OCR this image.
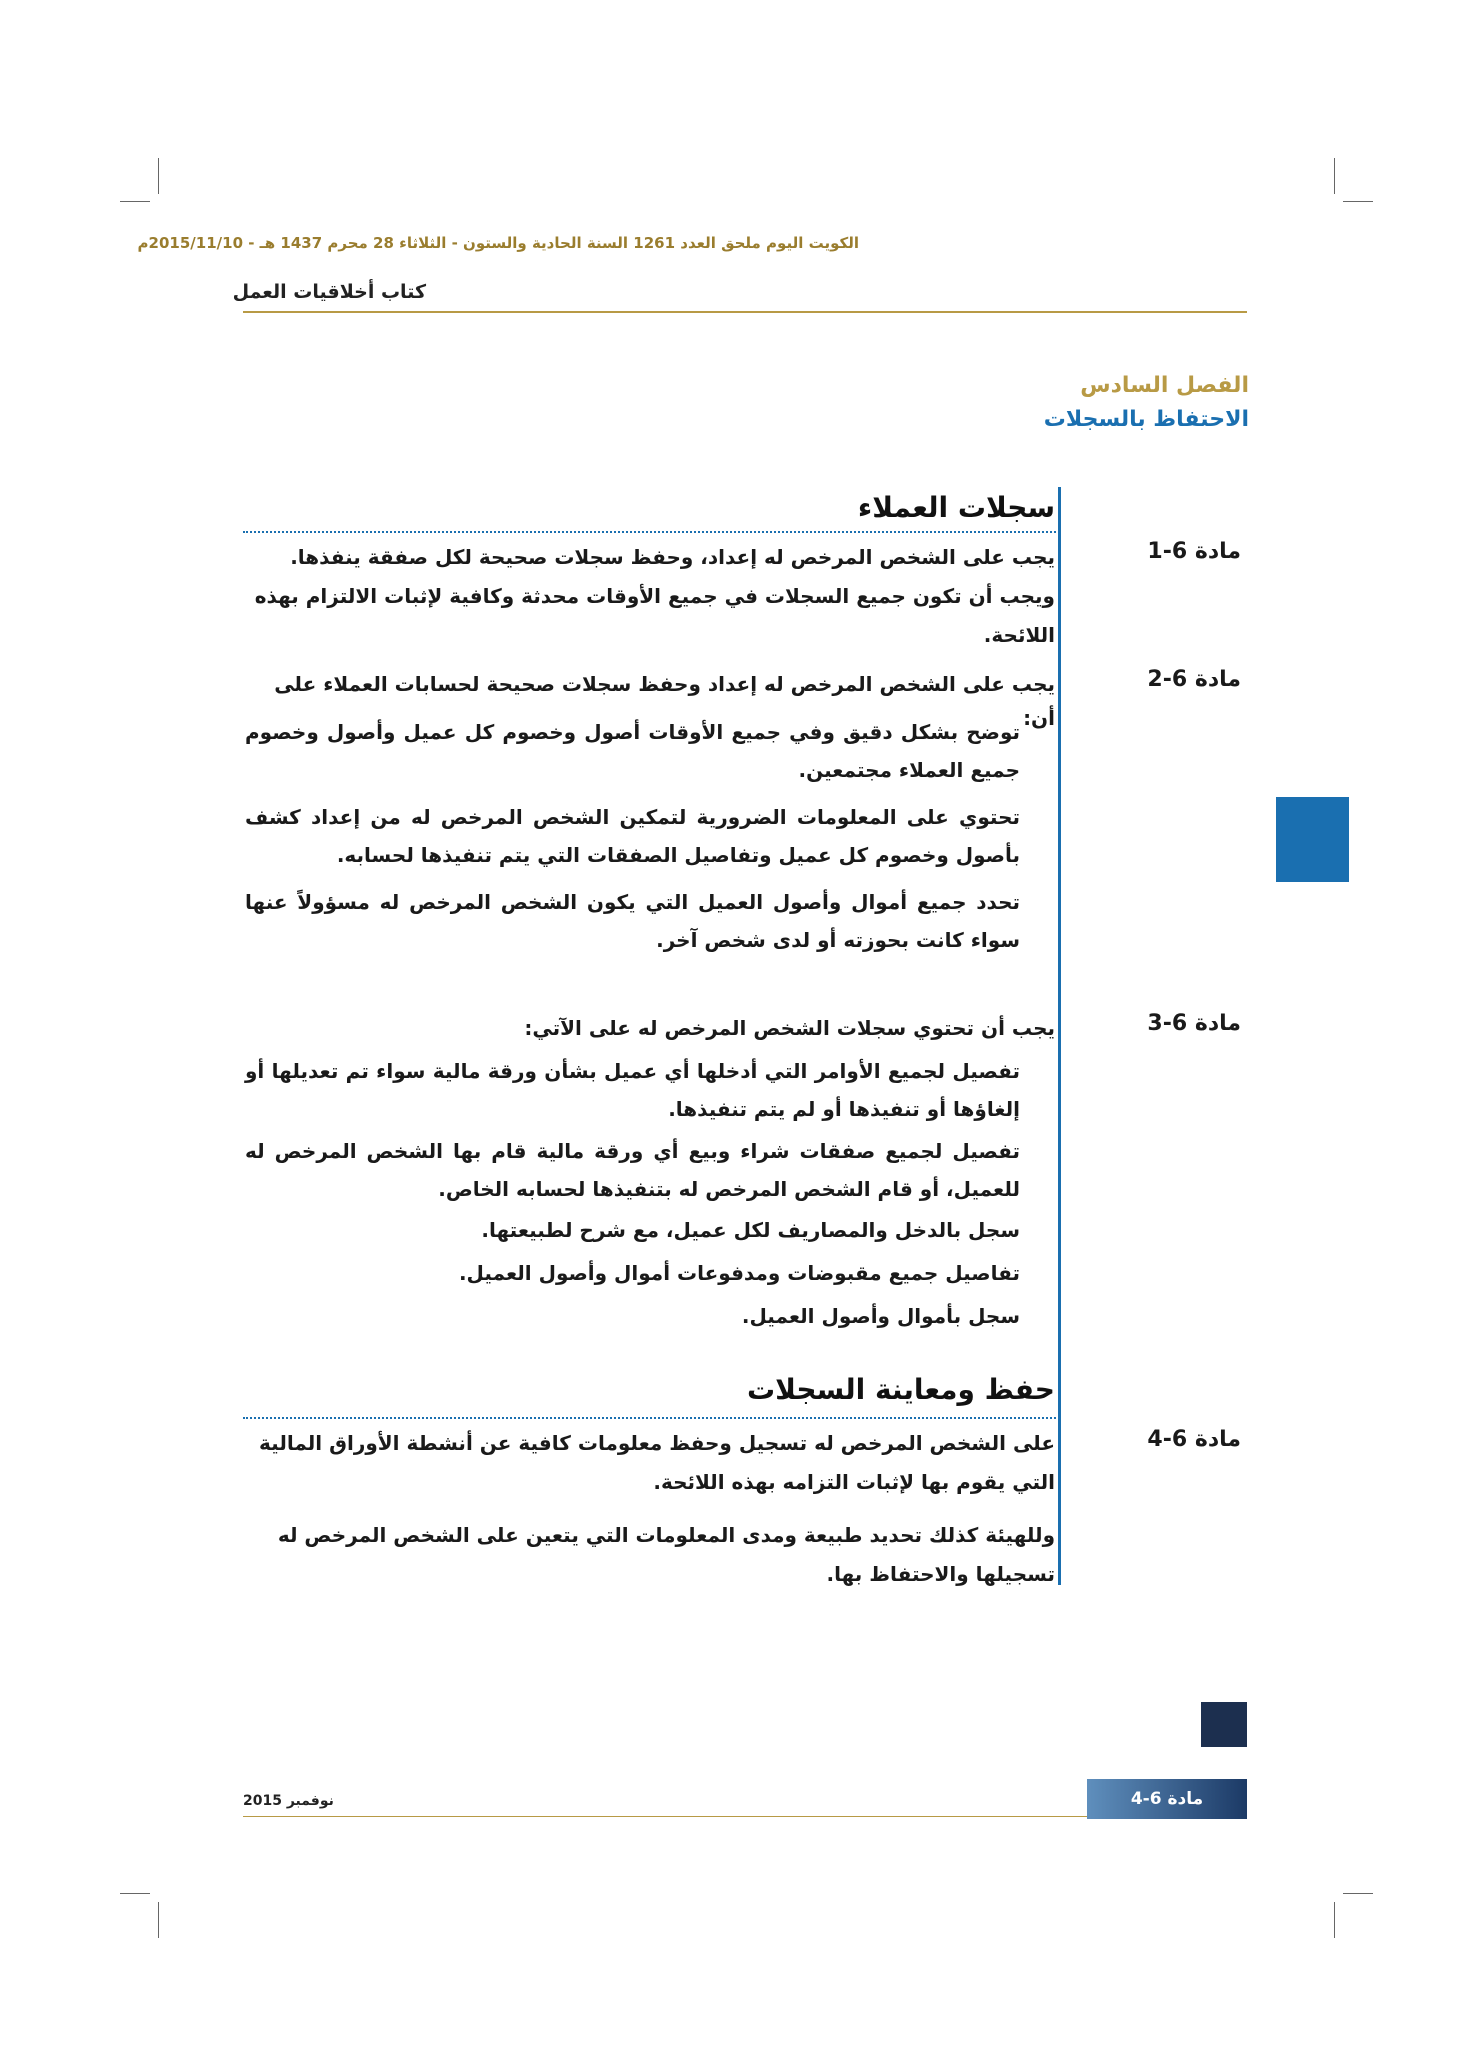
الكويت اليوم ملحق العدد 1261 السنة الحادية والستون - الثلاثاء 28 محرم 1437 هـ - 2015/11/10م
كتاب أخلاقيات العمل
الفصل السادس
الاحتفاظ بالسجلات
سجلات العملاء
مادة 6-1
يجب على الشخص المرخص له إعداد، وحفظ سجلات صحيحة لكل صفقة ينفذها. ويجب أن تكون جميع السجلات في جميع الأوقات محدثة وكافية لإثبات الالتزام بهذه اللائحة.
مادة 6-2
يجب على الشخص المرخص له إعداد وحفظ سجلات صحيحة لحسابات العملاء على أن:
توضح بشكل دقيق وفي جميع الأوقات أصول وخصوم كل عميل وأصول وخصوم جميع العملاء مجتمعين.
تحتوي على المعلومات الضرورية لتمكين الشخص المرخص له من إعداد كشف بأصول وخصوم كل عميل وتفاصيل الصفقات التي يتم تنفيذها لحسابه.
تحدد جميع أموال وأصول العميل التي يكون الشخص المرخص له مسؤولاً عنها سواء كانت بحوزته أو لدى شخص آخر.
مادة 6-3
يجب أن تحتوي سجلات الشخص المرخص له على الآتي:
تفصيل لجميع الأوامر التي أدخلها أي عميل بشأن ورقة مالية سواء تم تعديلها أو إلغاؤها أو تنفيذها أو لم يتم تنفيذها.
تفصيل لجميع صفقات شراء وبيع أي ورقة مالية قام بها الشخص المرخص له للعميل، أو قام الشخص المرخص له بتنفيذها لحسابه الخاص.
سجل بالدخل والمصاريف لكل عميل، مع شرح لطبيعتها.
تفاصيل جميع مقبوضات ومدفوعات أموال وأصول العميل.
سجل بأموال وأصول العميل.
حفظ ومعاينة السجلات
مادة 6-4
على الشخص المرخص له تسجيل وحفظ معلومات كافية عن أنشطة الأوراق المالية التي يقوم بها لإثبات التزامه بهذه اللائحة.
وللهيئة كذلك تحديد طبيعة ومدى المعلومات التي يتعين على الشخص المرخص له تسجيلها والاحتفاظ بها.
نوفمبر 2015	مادة 6-4
